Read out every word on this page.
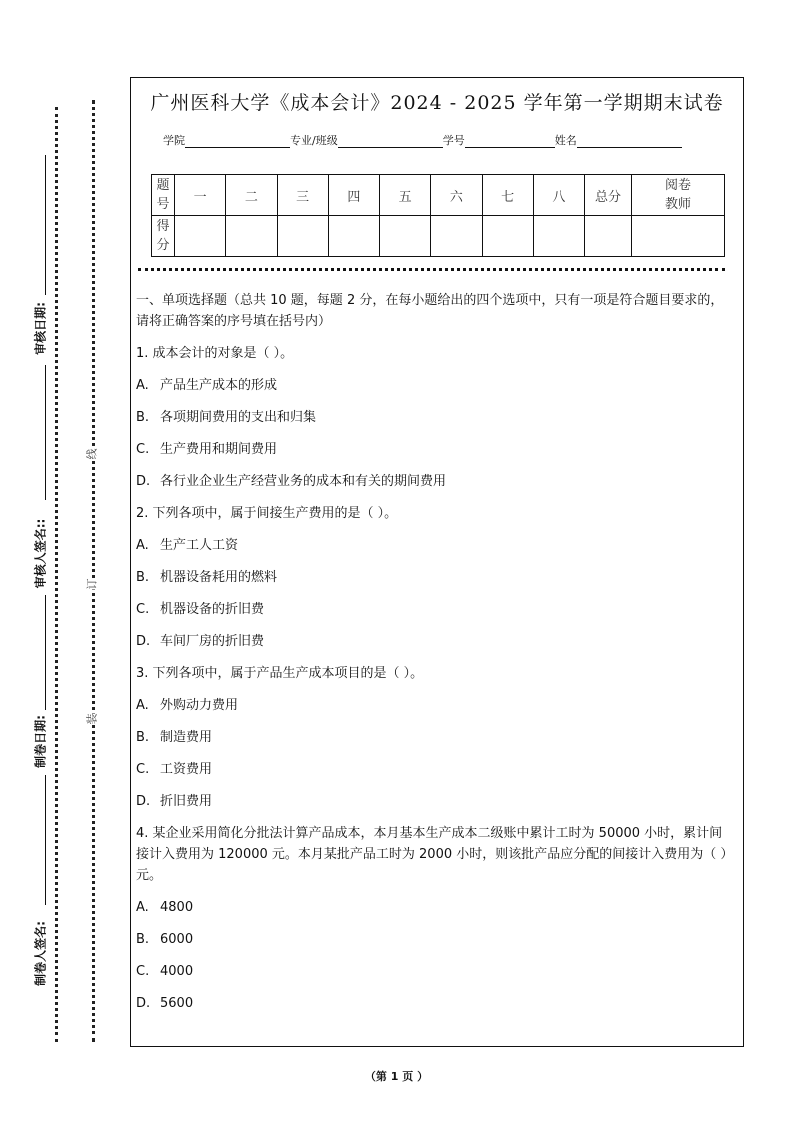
审核日期:
审核人签名::
制卷日期:
制卷人签名:
线
订
装
广州医科大学《成本会计》2024 - 2025 学年第一学期期末试卷
学院	专业/班级	学号	姓名
题号	一	二	三	四	五	六	七	八	总分	阅卷教师
得分										

一、单项选择题（总共 10 题，每题 2 分，在每小题给出的四个选项中，只有一项是符合题目要求的，请将正确答案的序号填在括号内）

1. 成本会计的对象是（ ）。

A. 产品生产成本的形成

B. 各项期间费用的支出和归集

C. 生产费用和期间费用

D. 各行业企业生产经营业务的成本和有关的期间费用

2. 下列各项中，属于间接生产费用的是（ ）。

A. 生产工人工资

B. 机器设备耗用的燃料

C. 机器设备的折旧费

D. 车间厂房的折旧费

3. 下列各项中，属于产品生产成本项目的是（ ）。

A. 外购动力费用

B. 制造费用

C. 工资费用

D. 折旧费用

4. 某企业采用简化分批法计算产品成本，本月基本生产成本二级账中累计工时为 50000 小时，累计间接计入费用为 120000 元。本月某批产品工时为 2000 小时，则该批产品应分配的间接计入费用为（ ）元。

A. 4800

B. 6000

C. 4000

D. 5600

（第 1 页 ）
